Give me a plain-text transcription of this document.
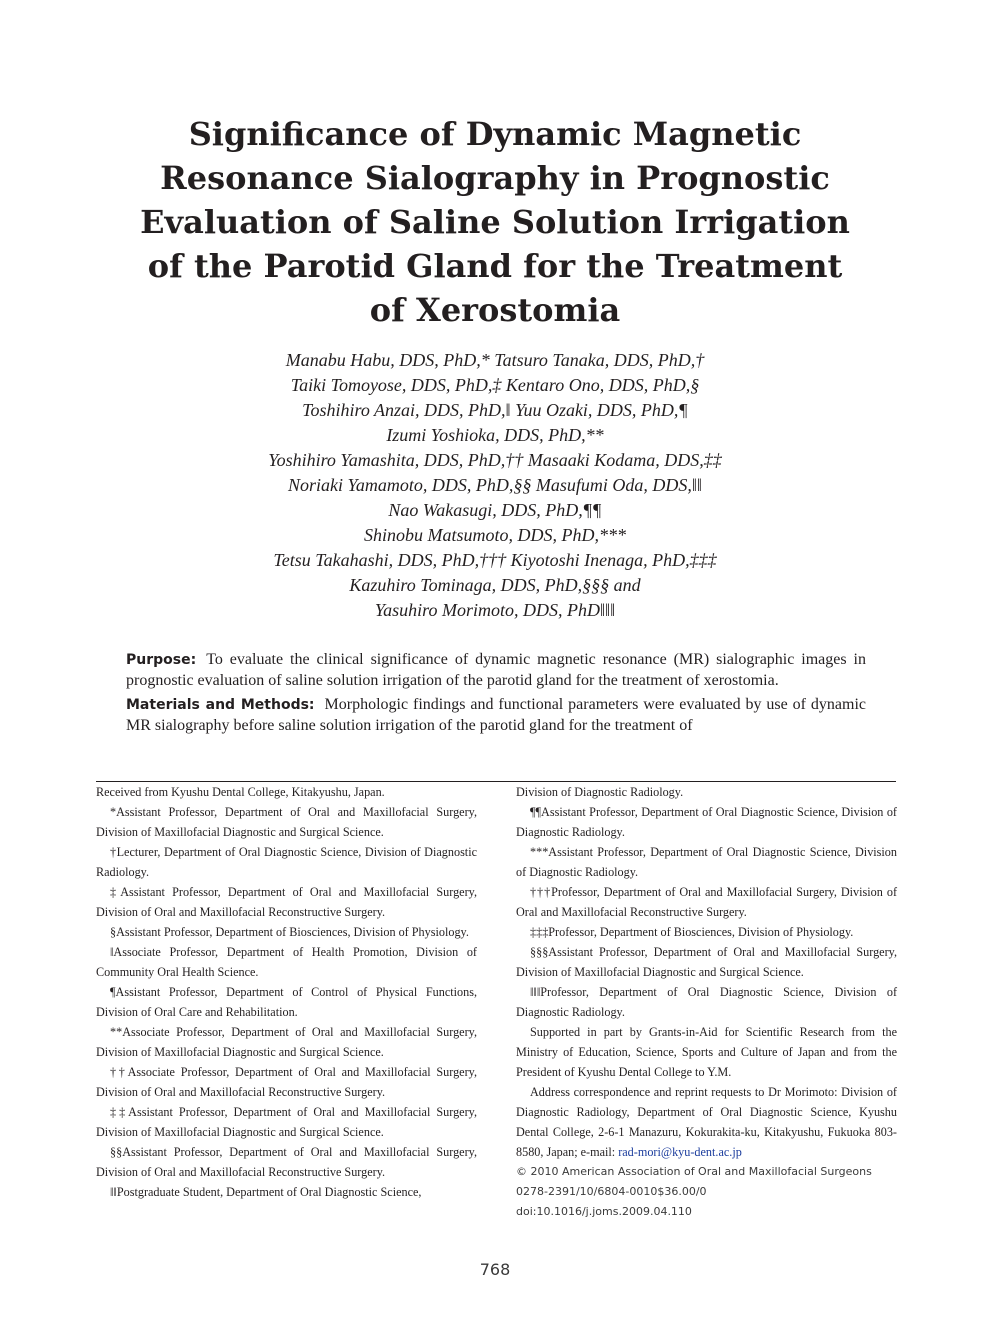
Significance of Dynamic Magnetic
Resonance Sialography in Prognostic
Evaluation of Saline Solution Irrigation
of the Parotid Gland for the Treatment
of Xerostomia
Manabu Habu, DDS, PhD,* Tatsuro Tanaka, DDS, PhD,†
Taiki Tomoyose, DDS, PhD,‡ Kentaro Ono, DDS, PhD,§
Toshihiro Anzai, DDS, PhD,‖ Yuu Ozaki, DDS, PhD,¶
Izumi Yoshioka, DDS, PhD,**
Yoshihiro Yamashita, DDS, PhD,†† Masaaki Kodama, DDS,‡‡
Noriaki Yamamoto, DDS, PhD,§§ Masufumi Oda, DDS,‖‖
Nao Wakasugi, DDS, PhD,¶¶
Shinobu Matsumoto, DDS, PhD,***
Tetsu Takahashi, DDS, PhD,††† Kiyotoshi Inenaga, PhD,‡‡‡
Kazuhiro Tominaga, DDS, PhD,§§§ and
Yasuhiro Morimoto, DDS, PhD‖‖‖

Purpose: To evaluate the clinical significance of dynamic magnetic resonance (MR) sialographic images in prognostic evaluation of saline solution irrigation of the parotid gland for the treatment of xerostomia.

Materials and Methods: Morphologic findings and functional parameters were evaluated by use of dynamic MR sialography before saline solution irrigation of the parotid gland for the treatment of

Received from Kyushu Dental College, Kitakyushu, Japan.

*Assistant Professor, Department of Oral and Maxillofacial Surgery, Division of Maxillofacial Diagnostic and Surgical Science.

†Lecturer, Department of Oral Diagnostic Science, Division of Diagnostic Radiology.

‡Assistant Professor, Department of Oral and Maxillofacial Surgery, Division of Oral and Maxillofacial Reconstructive Surgery.

§Assistant Professor, Department of Biosciences, Division of Physiology.

‖Associate Professor, Department of Health Promotion, Division of Community Oral Health Science.

¶Assistant Professor, Department of Control of Physical Functions, Division of Oral Care and Rehabilitation.

**Associate Professor, Department of Oral and Maxillofacial Surgery, Division of Maxillofacial Diagnostic and Surgical Science.

††Associate Professor, Department of Oral and Maxillofacial Surgery, Division of Oral and Maxillofacial Reconstructive Surgery.

‡‡Assistant Professor, Department of Oral and Maxillofacial Surgery, Division of Maxillofacial Diagnostic and Surgical Science.

§§Assistant Professor, Department of Oral and Maxillofacial Surgery, Division of Oral and Maxillofacial Reconstructive Surgery.

‖‖Postgraduate Student, Department of Oral Diagnostic Science,

Division of Diagnostic Radiology.

¶¶Assistant Professor, Department of Oral Diagnostic Science, Division of Diagnostic Radiology.

***Assistant Professor, Department of Oral Diagnostic Science, Division of Diagnostic Radiology.

†††Professor, Department of Oral and Maxillofacial Surgery, Division of Oral and Maxillofacial Reconstructive Surgery.

‡‡‡Professor, Department of Biosciences, Division of Physiology.

§§§Assistant Professor, Department of Oral and Maxillofacial Surgery, Division of Maxillofacial Diagnostic and Surgical Science.

‖‖‖Professor, Department of Oral Diagnostic Science, Division of Diagnostic Radiology.

Supported in part by Grants-in-Aid for Scientific Research from the Ministry of Education, Science, Sports and Culture of Japan and from the President of Kyushu Dental College to Y.M.

Address correspondence and reprint requests to Dr Morimoto: Division of Diagnostic Radiology, Department of Oral Diagnostic Science, Kyushu Dental College, 2-6-1 Manazuru, Kokurakita-ku, Kitakyushu, Fukuoka 803-8580, Japan; e-mail: rad-mori@kyu-dent.ac.jp

© 2010 American Association of Oral and Maxillofacial Surgeons

0278-2391/10/6804-0010$36.00/0

doi:10.1016/j.joms.2009.04.110

768
